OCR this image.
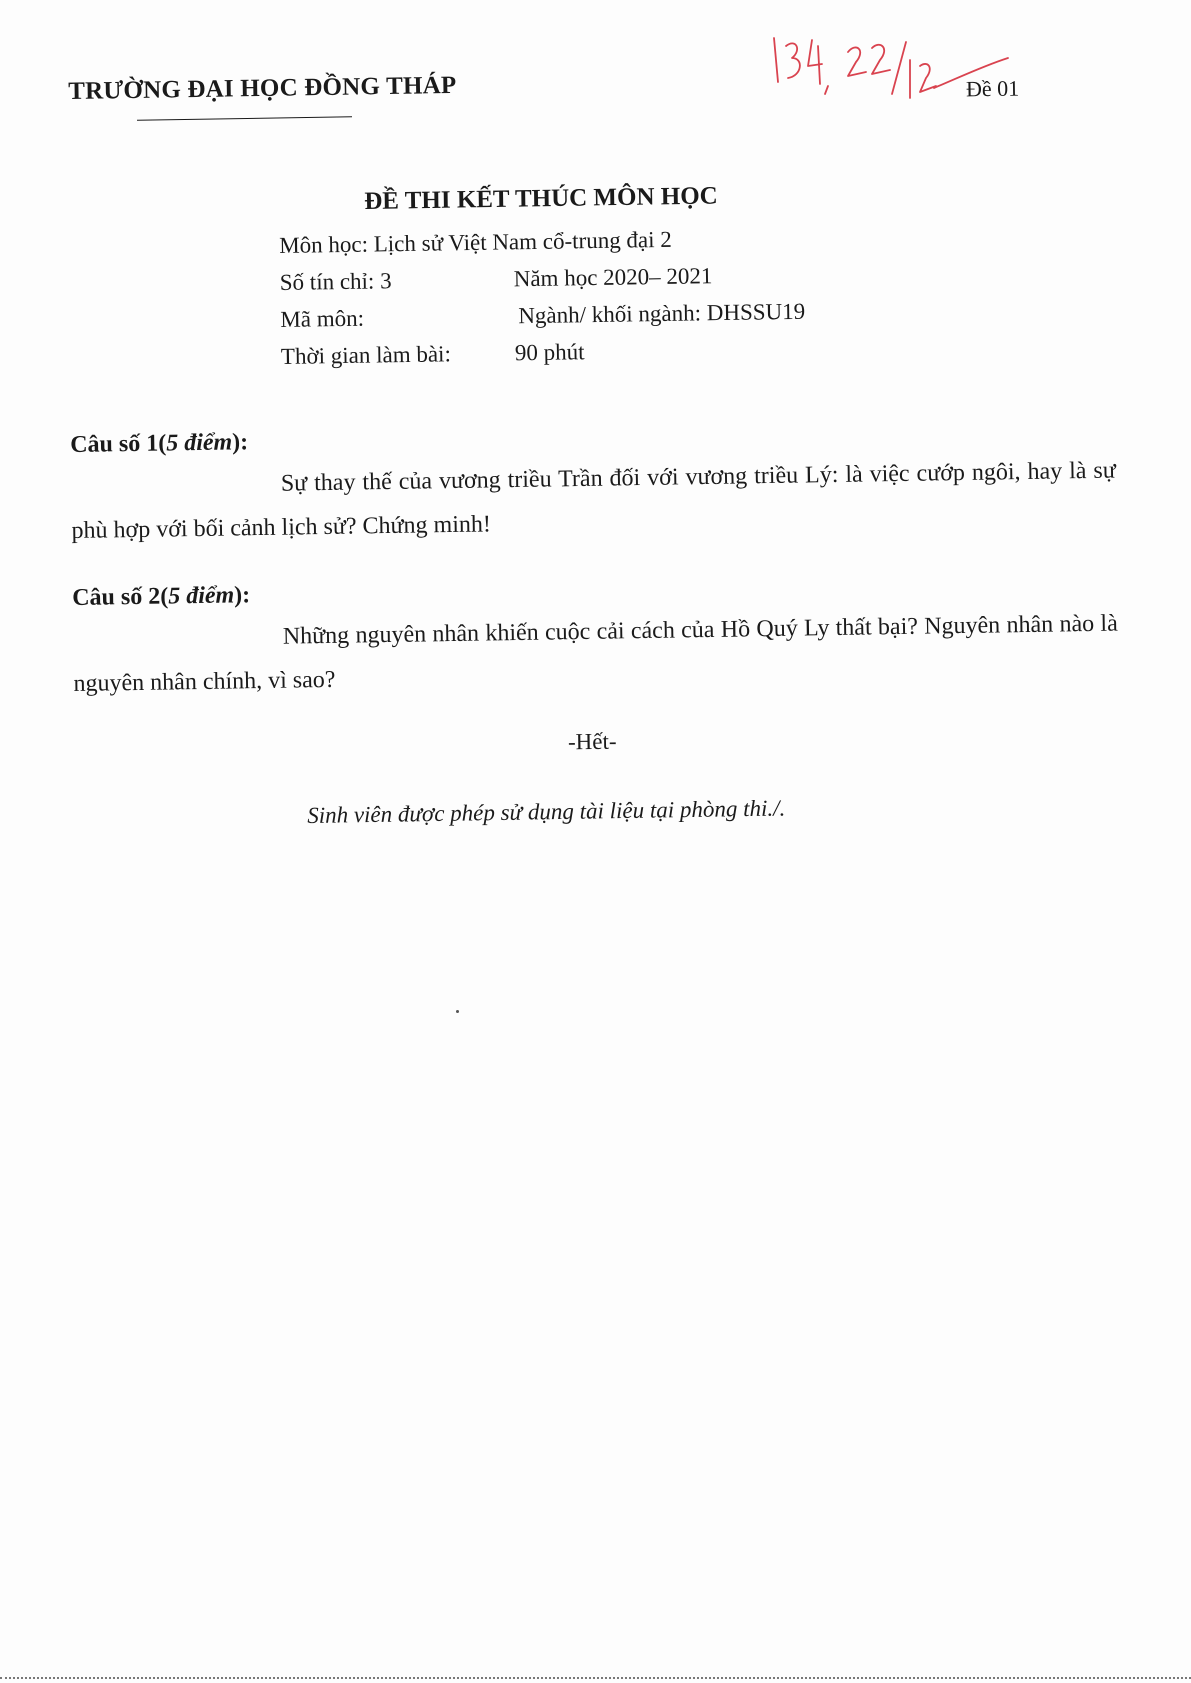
TRƯỜNG ĐẠI HỌC ĐỒNG THÁP
134, 22/12
Đề 01
ĐỀ THI KẾT THÚC MÔN HỌC
Môn học: Lịch sử Việt Nam cổ-trung đại 2
Số tín chỉ: 3	Năm học 2020– 2021
Mã môn:	Ngành/ khối ngành: DHSSU19
Thời gian làm bài:	90 phút
Câu số 1(5 điểm):
Sự thay thế của vương triều Trần đối với vương triều Lý: là việc cướp ngôi, hay là sự phù hợp với bối cảnh lịch sử? Chứng minh!
Câu số 2(5 điểm):
Những nguyên nhân khiến cuộc cải cách của Hồ Quý Ly thất bại? Nguyên nhân nào là nguyên nhân chính, vì sao?
-Hết-
Sinh viên được phép sử dụng tài liệu tại phòng thi./.
